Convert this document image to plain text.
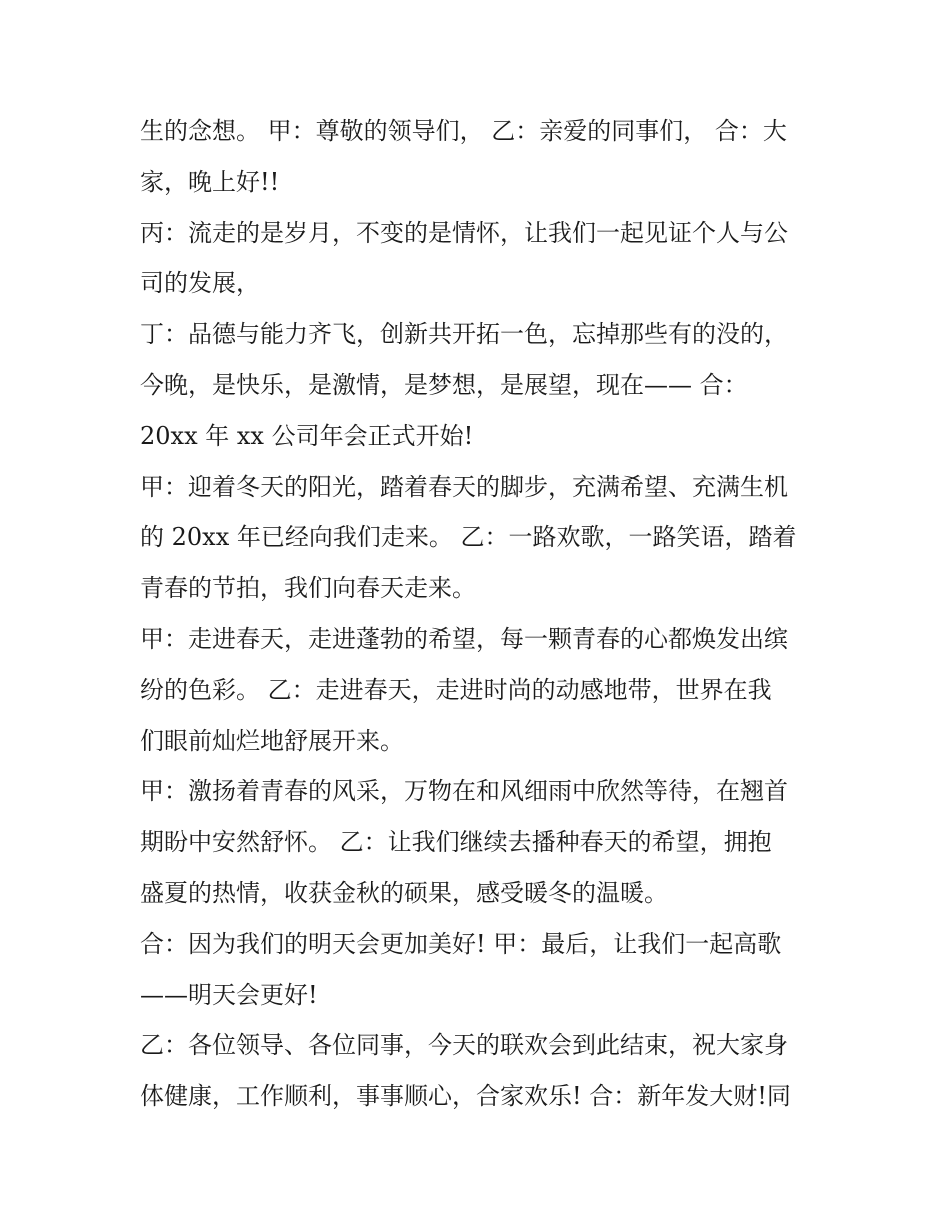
生的念想。 甲：尊敬的领导们， 乙：亲爱的同事们， 合：大
家，晚上好!!
丙：流走的是岁月，不变的是情怀，让我们一起见证个人与公
司的发展，
丁：品德与能力齐飞，创新共开拓一色，忘掉那些有的没的，
今晚，是快乐，是激情，是梦想，是展望，现在—— 合：
20xx 年 xx 公司年会正式开始!
甲：迎着冬天的阳光，踏着春天的脚步，充满希望、充满生机
的 20xx 年已经向我们走来。 乙：一路欢歌，一路笑语，踏着
青春的节拍，我们向春天走来。
甲：走进春天，走进蓬勃的希望，每一颗青春的心都焕发出缤
纷的色彩。 乙：走进春天，走进时尚的动感地带，世界在我
们眼前灿烂地舒展开来。
甲：激扬着青春的风采，万物在和风细雨中欣然等待，在翘首
期盼中安然舒怀。 乙：让我们继续去播种春天的希望，拥抱
盛夏的热情，收获金秋的硕果，感受暖冬的温暖。
合：因为我们的明天会更加美好! 甲：最后，让我们一起高歌
——明天会更好!
乙：各位领导、各位同事，今天的联欢会到此结束，祝大家身
体健康，工作顺利，事事顺心，合家欢乐! 合：新年发大财!同
